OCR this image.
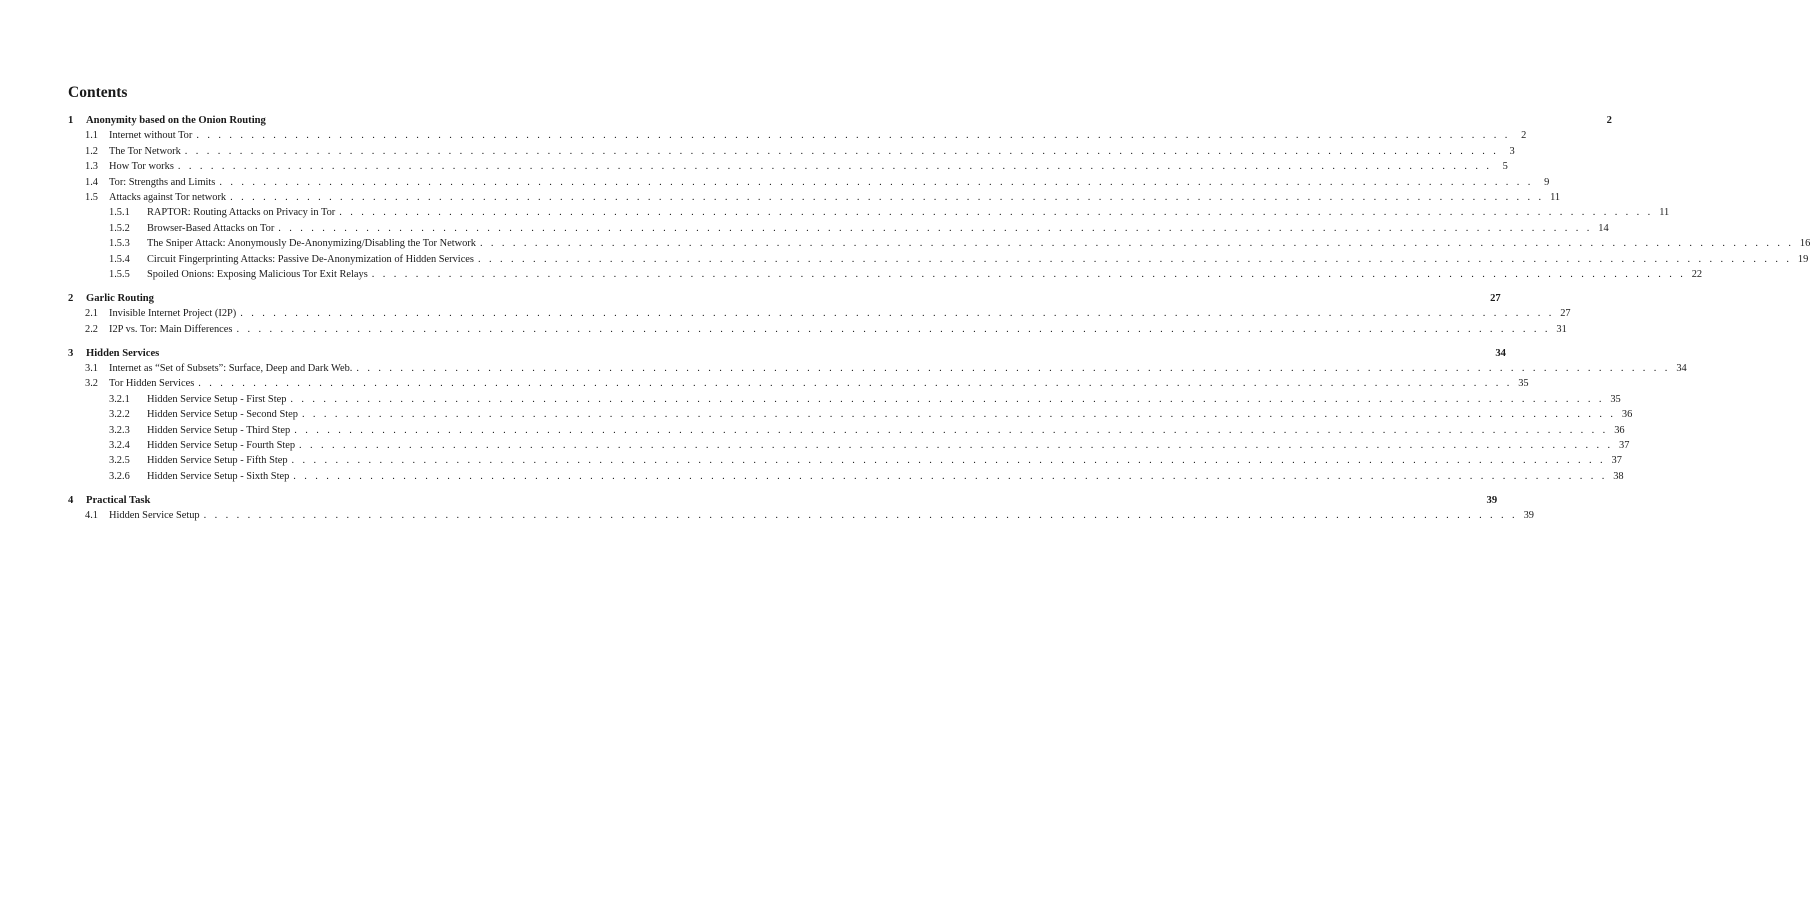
Contents
1	Anonymity based on the Onion Routing	2
1.1	Internet without Tor . . . . . . . . . . . . . . . . . . . . . . . . . . . . . . . . . . . . . . . . . . . . . . . . . . . . . . . . . . . . . . . . . . . . . . . . . . . . . . . . . . . . . . . . . . . . . . . . . . . . . . . . . . . . . . . . . . . . . . . .	2
1.2	The Tor Network . . . . . . . . . . . . . . . . . . . . . . . . . . . . . . . . . . . . . . . . . . . . . . . . . . . . . . . . . . . . . . . . . . . . . . . . . . . . . . . . . . . . . . . . . . . . . . . . . . . . . . . . . . . . . . . . . . . . . . . .	3
1.3	How Tor works . . . . . . . . . . . . . . . . . . . . . . . . . . . . . . . . . . . . . . . . . . . . . . . . . . . . . . . . . . . . . . . . . . . . . . . . . . . . . . . . . . . . . . . . . . . . . . . . . . . . . . . . . . . . . . . . . . . . . . . .	5
1.4	Tor: Strengths and Limits . . . . . . . . . . . . . . . . . . . . . . . . . . . . . . . . . . . . . . . . . . . . . . . . . . . . . . . . . . . . . . . . . . . . . . . . . . . . . . . . . . . . . . . . . . . . . . . . . . . . . . . . . . . . . . . . . . . . . . . .	9
1.5	Attacks against Tor network . . . . . . . . . . . . . . . . . . . . . . . . . . . . . . . . . . . . . . . . . . . . . . . . . . . . . . . . . . . . . . . . . . . . . . . . . . . . . . . . . . . . . . . . . . . . . . . . . . . . . . . . . . . . . . . . . . . . . . . . 11
1.5.1	RAPTOR: Routing Attacks on Privacy in Tor . . . . . . . . . . . . . . . . . . . . . . . . . . . . . . . . . . . . . . . . . . . . . . . . . . . . . . . . . . . . . . . . . . . . . . . . . . . . . . . . . . . . . . . . . . . . . . . . . . . . . . . . . . . . . . . . . . . . . . . . 11
1.5.2	Browser-Based Attacks on Tor . . . . . . . . . . . . . . . . . . . . . . . . . . . . . . . . . . . . . . . . . . . . . . . . . . . . . . . . . . . . . . . . . . . . . . . . . . . . . . . . . . . . . . . . . . . . . . . . . . . . . . . . . . . . . . . . . . . . . . . . 14
1.5.3	The Sniper Attack: Anonymously De-Anonymizing/Disabling the Tor Network . . . . . . . . . . . . . . . . . . . . . . . . . . . . . . . . . . . . . . . . . . . . . . . . . . . . . . . . . . . . . . . . . . . . . . . . . . . . . . . . . . . . . . . . . . . . . . . . . . . . . . . . . . . . . . . . . . . . . . . . 16
1.5.4	Circuit Fingerprinting Attacks: Passive De-Anonymization of Hidden Services . . . . . . . . . . . . . . . . . . . . . . . . . . . . . . . . . . . . . . . . . . . . . . . . . . . . . . . . . . . . . . . . . . . . . . . . . . . . . . . . . . . . . . . . . . . . . . . . . . . . . . . . . . . . . . . . . . . . . . . . 19
1.5.5	Spoiled Onions: Exposing Malicious Tor Exit Relays . . . . . . . . . . . . . . . . . . . . . . . . . . . . . . . . . . . . . . . . . . . . . . . . . . . . . . . . . . . . . . . . . . . . . . . . . . . . . . . . . . . . . . . . . . . . . . . . . . . . . . . . . . . . . . . . . . . . . . . . 22
2	Garlic Routing	27
2.1	Invisible Internet Project (I2P) . . . . . . . . . . . . . . . . . . . . . . . . . . . . . . . . . . . . . . . . . . . . . . . . . . . . . . . . . . . . . . . . . . . . . . . . . . . . . . . . . . . . . . . . . . . . . . . . . . . . . . . . . . . . . . . . . . . . . . . . 27
2.2	I2P vs. Tor: Main Differences . . . . . . . . . . . . . . . . . . . . . . . . . . . . . . . . . . . . . . . . . . . . . . . . . . . . . . . . . . . . . . . . . . . . . . . . . . . . . . . . . . . . . . . . . . . . . . . . . . . . . . . . . . . . . . . . . . . . . . . . 31
3	Hidden Services	34
3.1	Internet as “Set of Subsets”: Surface, Deep and Dark Web. . . . . . . . . . . . . . . . . . . . . . . . . . . . . . . . . . . . . . . . . . . . . . . . . . . . . . . . . . . . . . . . . . . . . . . . . . . . . . . . . . . . . . . . . . . . . . . . . . . . . . . . . . . . . . . . . . . . . . . . . 34
3.2	Tor Hidden Services . . . . . . . . . . . . . . . . . . . . . . . . . . . . . . . . . . . . . . . . . . . . . . . . . . . . . . . . . . . . . . . . . . . . . . . . . . . . . . . . . . . . . . . . . . . . . . . . . . . . . . . . . . . . . . . . . . . . . . . . 35
3.2.1	Hidden Service Setup - First Step . . . . . . . . . . . . . . . . . . . . . . . . . . . . . . . . . . . . . . . . . . . . . . . . . . . . . . . . . . . . . . . . . . . . . . . . . . . . . . . . . . . . . . . . . . . . . . . . . . . . . . . . . . . . . . . . . . . . . . . . 35
3.2.2	Hidden Service Setup - Second Step . . . . . . . . . . . . . . . . . . . . . . . . . . . . . . . . . . . . . . . . . . . . . . . . . . . . . . . . . . . . . . . . . . . . . . . . . . . . . . . . . . . . . . . . . . . . . . . . . . . . . . . . . . . . . . . . . . . . . . . . 36
3.2.3	Hidden Service Setup - Third Step . . . . . . . . . . . . . . . . . . . . . . . . . . . . . . . . . . . . . . . . . . . . . . . . . . . . . . . . . . . . . . . . . . . . . . . . . . . . . . . . . . . . . . . . . . . . . . . . . . . . . . . . . . . . . . . . . . . . . . . . 36
3.2.4	Hidden Service Setup - Fourth Step . . . . . . . . . . . . . . . . . . . . . . . . . . . . . . . . . . . . . . . . . . . . . . . . . . . . . . . . . . . . . . . . . . . . . . . . . . . . . . . . . . . . . . . . . . . . . . . . . . . . . . . . . . . . . . . . . . . . . . . . 37
3.2.5	Hidden Service Setup - Fifth Step . . . . . . . . . . . . . . . . . . . . . . . . . . . . . . . . . . . . . . . . . . . . . . . . . . . . . . . . . . . . . . . . . . . . . . . . . . . . . . . . . . . . . . . . . . . . . . . . . . . . . . . . . . . . . . . . . . . . . . . . 37
3.2.6	Hidden Service Setup - Sixth Step . . . . . . . . . . . . . . . . . . . . . . . . . . . . . . . . . . . . . . . . . . . . . . . . . . . . . . . . . . . . . . . . . . . . . . . . . . . . . . . . . . . . . . . . . . . . . . . . . . . . . . . . . . . . . . . . . . . . . . . . 38
4	Practical Task	39
4.1	Hidden Service Setup . . . . . . . . . . . . . . . . . . . . . . . . . . . . . . . . . . . . . . . . . . . . . . . . . . . . . . . . . . . . . . . . . . . . . . . . . . . . . . . . . . . . . . . . . . . . . . . . . . . . . . . . . . . . . . . . . . . . . . . . 39
